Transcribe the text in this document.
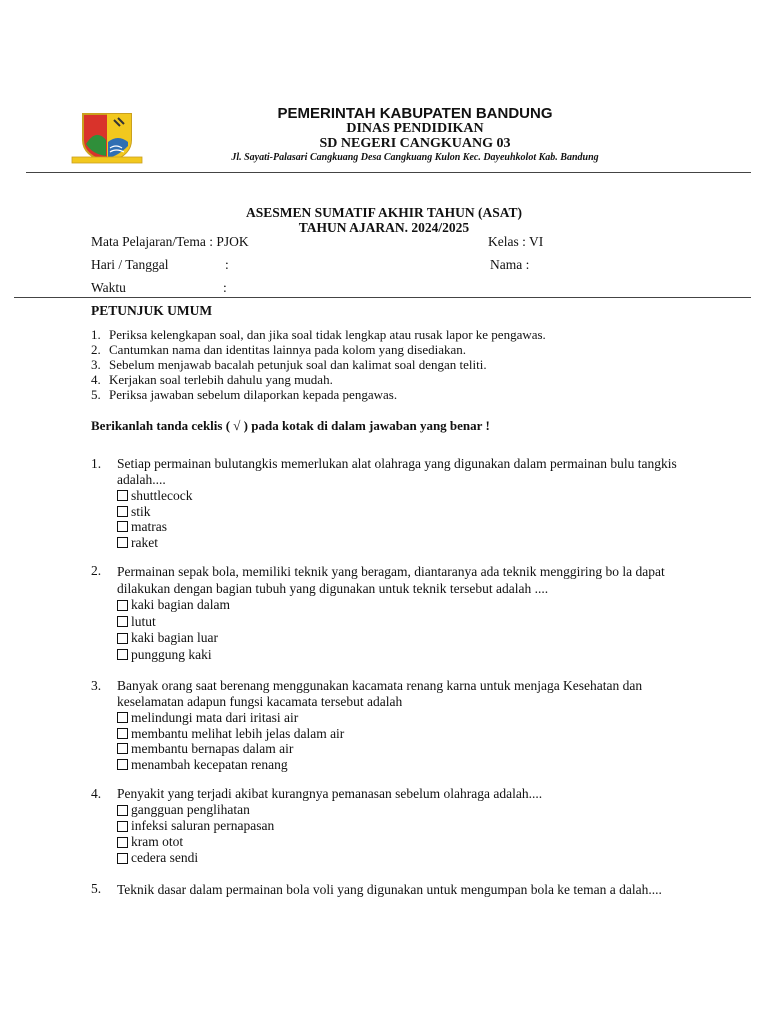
PEMERINTAH KABUPATEN BANDUNG
DINAS PENDIDIKAN
SD NEGERI CANGKUANG 03
Jl. Sayati-Palasari Cangkuang Desa Cangkuang Kulon Kec. Dayeuhkolot Kab. Bandung
ASESMEN SUMATIF AKHIR TAHUN (ASAT)
TAHUN AJARAN. 2024/2025
Mata Pelajaran/Tema : PJOK	Kelas : VI
Hari / Tanggal	:	Nama :
Waktu	:
PETUNJUK UMUM
1. Periksa kelengkapan soal, dan jika soal tidak lengkap atau rusak lapor ke pengawas.
2. Cantumkan nama dan identitas lainnya pada kolom yang disediakan.
3. Sebelum menjawab bacalah petunjuk soal dan kalimat soal dengan teliti.
4. Kerjakan soal terlebih dahulu yang mudah.
5. Periksa jawaban sebelum dilaporkan kepada pengawas.
Berikanlah tanda ceklis ( √ ) pada kotak di dalam jawaban yang benar !
1.	Setiap permainan bulutangkis memerlukan alat olahraga yang digunakan dalam permainan bulu tangkis adalah....
shuttlecock
stik
matras
raket
2.	Permainan sepak bola, memiliki teknik yang beragam, diantaranya ada teknik menggiring bo la dapat dilakukan dengan bagian tubuh yang digunakan untuk teknik tersebut adalah ....
kaki bagian dalam
lutut
kaki bagian luar
punggung kaki
3.	Banyak orang saat berenang menggunakan kacamata renang karna untuk menjaga Kesehatan dan keselamatan adapun fungsi kacamata tersebut adalah
melindungi mata dari iritasi air
membantu melihat lebih jelas dalam air
membantu bernapas dalam air
menambah kecepatan renang
4.	Penyakit yang terjadi akibat kurangnya pemanasan sebelum olahraga adalah....
gangguan penglihatan
infeksi saluran pernapasan
kram otot
cedera sendi
5.	Teknik dasar dalam permainan bola voli yang digunakan untuk mengumpan bola ke teman a dalah....
